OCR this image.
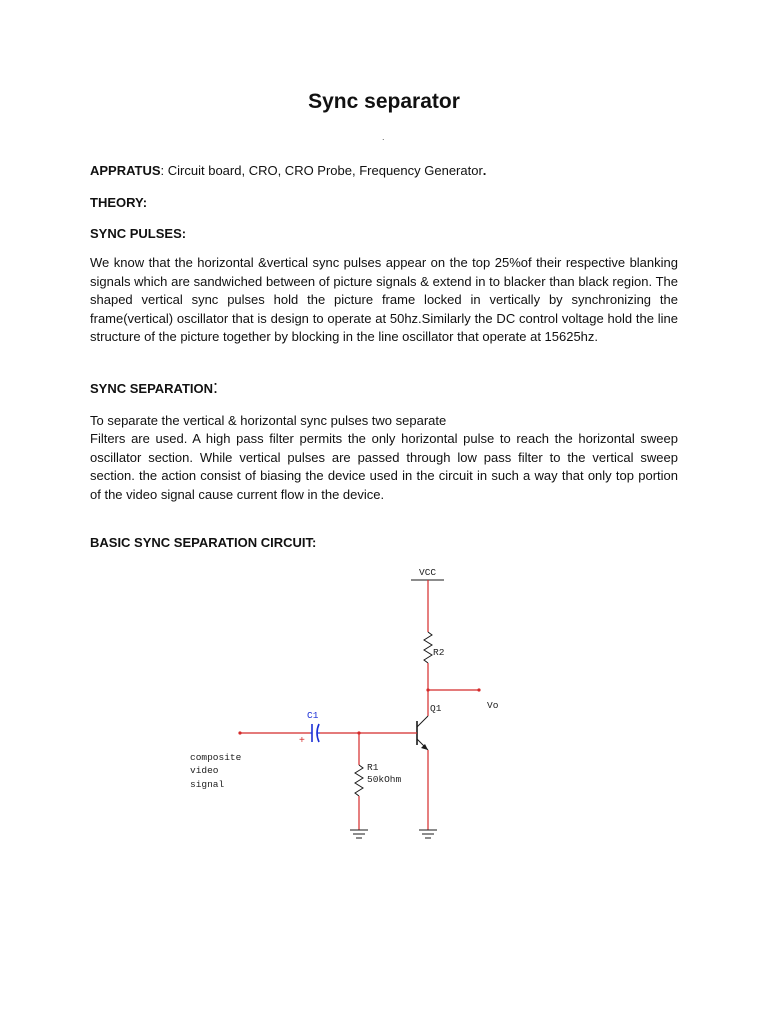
Sync separator
.

APPRATUS: Circuit board, CRO, CRO Probe, Frequency Generator.

THEORY:

SYNC PULSES:

We know that the horizontal &vertical sync pulses appear on the top 25%of their respective blanking signals which are sandwiched between of picture signals & extend in to blacker than black region. The shaped vertical sync pulses hold the picture frame locked in vertically by synchronizing the frame(vertical) oscillator that is design to operate at 50hz.Similarly the DC control voltage hold the line structure of the picture together by blocking in the line oscillator that operate at 15625hz.

SYNC SEPARATION:

To separate the vertical & horizontal sync pulses two separate

Filters are used. A high pass filter permits the only horizontal pulse to reach the horizontal sweep oscillator section. While vertical pulses are passed through low pass filter to the vertical sweep section. the action consist of biasing the device used in the circuit in such a way that only top portion of the video signal cause current flow in the device.

BASIC SYNC SEPARATION CIRCUIT:

VCC
R2
Vo
Q1
C1
+
R1
50kOhm
composite
video
signal
